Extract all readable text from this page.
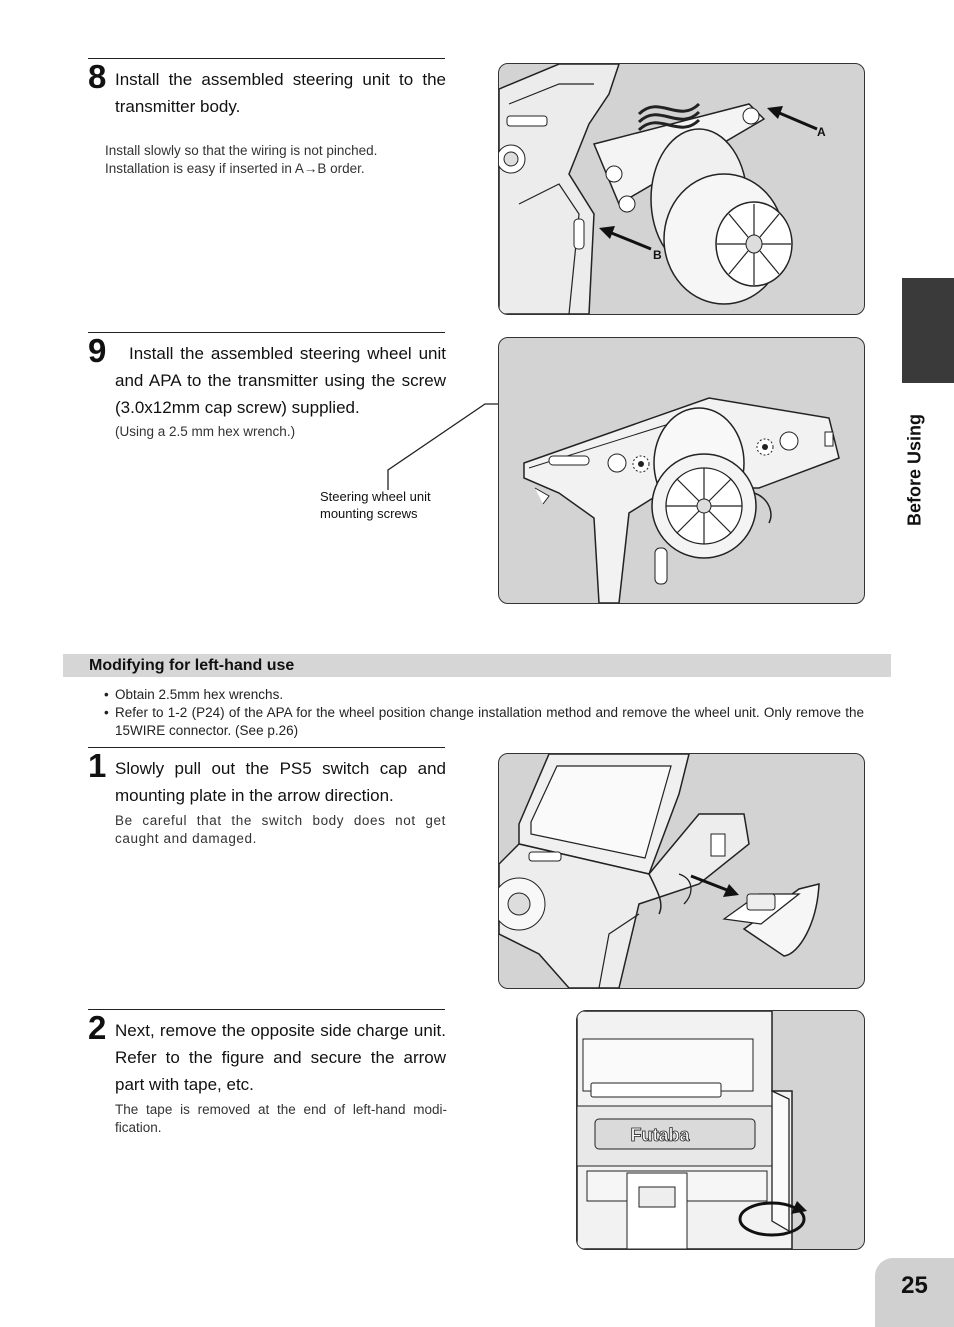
8 Install the assembled steering unit to the transmitter body.
Install slowly so that the wiring is not pinched.
Installation is easy if inserted in A→B order.
A
B
9	Install the assembled steering wheel unit and APA to the transmitter using the screw (3.0x12mm cap screw) supplied.
(Using a 2.5 mm hex wrench.)
Steering wheel unit
mounting screws
Modifying for left-hand use
• Obtain 2.5mm hex wrenchs.
• Refer to 1-2 (P24) of the APA for the wheel position change installation method and remove the wheel unit. Only remove the 15WIRE connector. (See p.26)
1 Slowly pull out the PS5 switch cap and mounting plate in the arrow direction.
Be careful that the switch body does not get caught and damaged.
2 Next, remove the opposite side charge unit. Refer to the figure and secure the arrow part with tape, etc.
The tape is removed at the end of left-hand modi-fication.	Futaba
Before Using
25
